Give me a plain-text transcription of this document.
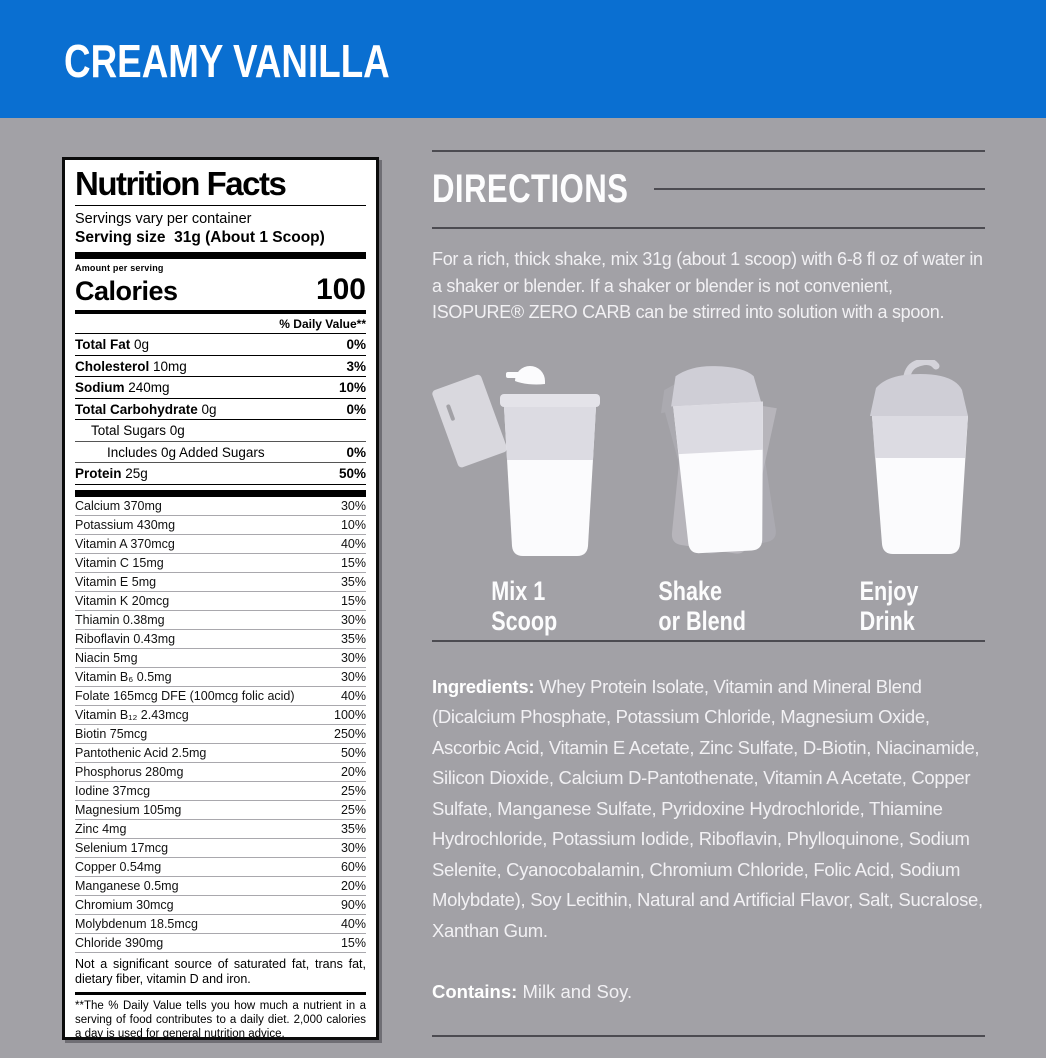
CREAMY VANILLA
Nutrition Facts
Servings vary per container
Serving size 31g (About 1 Scoop)
Amount per serving
Calories	100
% Daily Value**
Total Fat 0g	0%
Cholesterol 10mg	3%
Sodium 240mg	10%
Total Carbohydrate 0g	0%
Total Sugars 0g
Includes 0g Added Sugars	0%
Protein 25g	50%
Calcium 370mg	30%
Potassium 430mg	10%
Vitamin A 370mcg	40%
Vitamin C 15mg	15%
Vitamin E 5mg	35%
Vitamin K 20mcg	15%
Thiamin 0.38mg	30%
Riboflavin 0.43mg	35%
Niacin 5mg	30%
Vitamin B₆ 0.5mg	30%
Folate 165mcg DFE (100mcg folic acid)	40%
Vitamin B₁₂ 2.43mcg	100%
Biotin 75mcg	250%
Pantothenic Acid 2.5mg	50%
Phosphorus 280mg	20%
Iodine 37mcg	25%
Magnesium 105mg	25%
Zinc 4mg	35%
Selenium 17mcg	30%
Copper 0.54mg	60%
Manganese 0.5mg	20%
Chromium 30mcg	90%
Molybdenum 18.5mcg	40%
Chloride 390mg	15%
Not a significant source of saturated fat, trans fat, dietary fiber, vitamin D and iron.
**The % Daily Value tells you how much a nutrient in a serving of food contributes to a daily diet. 2,000 calories a day is used for general nutrition advice.
DIRECTIONS
For a rich, thick shake, mix 31g (about 1 scoop) with 6-8 fl oz of water in a shaker or blender. If a shaker or blender is not convenient, ISOPURE® ZERO CARB can be stirred into solution with a spoon.
Mix 1
Scoop
Shake
or Blend
Enjoy
Drink
Ingredients: Whey Protein Isolate, Vitamin and Mineral Blend (Dicalcium Phosphate, Potassium Chloride, Magnesium Oxide, Ascorbic Acid, Vitamin E Acetate, Zinc Sulfate, D-Biotin, Niacinamide, Silicon Dioxide, Calcium D-Pantothenate, Vitamin A Acetate, Copper Sulfate, Manganese Sulfate, Pyridoxine Hydrochloride, Thiamine Hydrochloride, Potassium Iodide, Riboflavin, Phylloquinone, Sodium Selenite, Cyanocobalamin, Chromium Chloride, Folic Acid, Sodium Molybdate), Soy Lecithin, Natural and Artificial Flavor, Salt, Sucralose, Xanthan Gum.
Contains: Milk and Soy.
